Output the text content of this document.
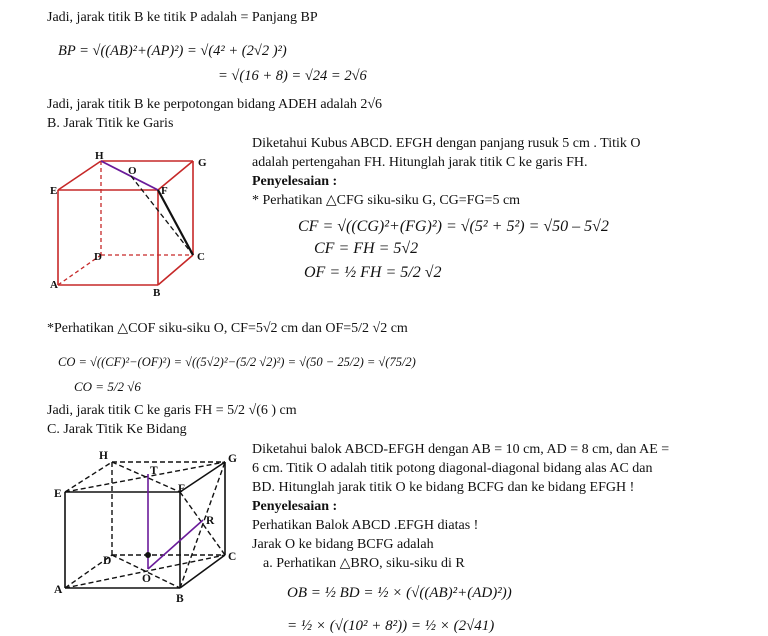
Jadi, jarak titik B ke titik P adalah = Panjang BP
BP = √((AB)²+(AP)²) = √(4² + (2√2 )²)
= √(16 + 8) = √24 = 2√6
Jadi, jarak titik B ke perpotongan bidang ADEH adalah 2√6
B. Jarak Titik ke Garis
H
O
G
E	F
D	C
A
B
Diketahui Kubus ABCD. EFGH dengan panjang rusuk 5 cm . Titik O
adalah pertengahan FH. Hitunglah jarak titik C ke garis FH.
Penyelesaian :
* Perhatikan △CFG siku-siku G, CG=FG=5 cm
CF = √((CG)²+(FG)²) = √(5² + 5²) = √50 – 5√2
CF = FH = 5√2
OF = ½ FH = 5/2 √2
*Perhatikan △COF siku-siku O, CF=5√2 cm dan OF=5/2 √2 cm
CO = √((CF)²−(OF)²) = √((5√2)²−(5/2 √2)²) = √(50 − 25/2) = √(75/2)
CO = 5/2 √6
Jadi, jarak titik C ke garis FH = 5/2 √(6 ) cm
C. Jarak Titik Ke Bidang
H
T
G
E	F
R
D	C
O
A
B
Diketahui balok ABCD-EFGH dengan AB = 10 cm, AD = 8 cm, dan AE =
6 cm. Titik O adalah titik potong diagonal-diagonal bidang alas AC dan
BD. Hitunglah jarak titik O ke bidang BCFG dan ke bidang EFGH !
Penyelesaian :
Perhatikan Balok ABCD .EFGH diatas !
Jarak O ke bidang BCFG adalah
a. Perhatikan △BRO, siku-siku di R
OB = ½ BD = ½ × (√((AB)²+(AD)²))
= ½ × (√(10² + 8²)) = ½ × (2√41)
